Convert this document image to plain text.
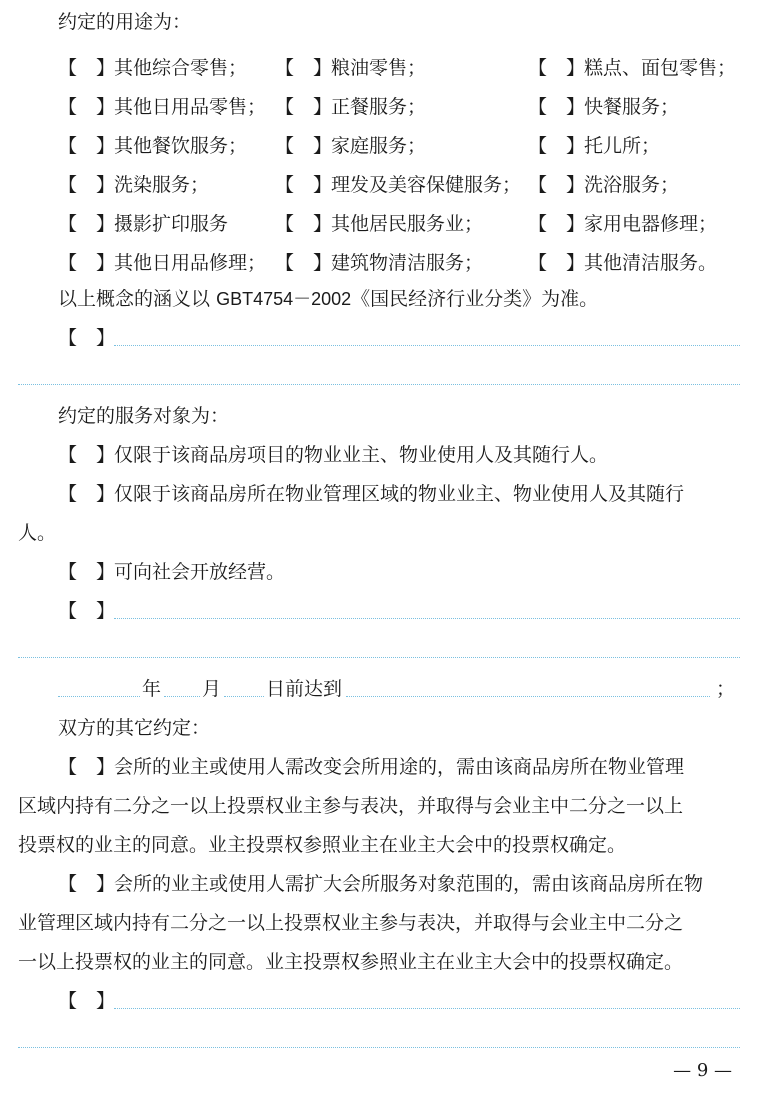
约定的用途为：
【　】其他综合零售； 【　】粮油零售；	【　】糕点、面包零售；
【　】其他日用品零售； 【　】正餐服务；	【　】快餐服务；
【　】其他餐饮服务； 【　】家庭服务；	【　】托儿所；
【　】洗染服务；	【　】理发及美容保健服务； 【　】洗浴服务；
【　】摄影扩印服务 【　】其他居民服务业； 【　】家用电器修理；
【　】其他日用品修理； 【　】建筑物清洁服务； 【　】其他清洁服务。
以上概念的涵义以 GBT4754－2002《国民经济行业分类》为准。
【　】
约定的服务对象为：
【　】仅限于该商品房项目的物业业主、物业使用人及其随行人。
【　】仅限于该商品房所在物业管理区域的物业业主、物业使用人及其随行
人。
【　】可向社会开放经营。
【　】
年 月 日前达到	；
双方的其它约定：
【　】会所的业主或使用人需改变会所用途的，需由该商品房所在物业管理
区域内持有二分之一以上投票权业主参与表决，并取得与会业主中二分之一以上
投票权的业主的同意。业主投票权参照业主在业主大会中的投票权确定。
【　】会所的业主或使用人需扩大会所服务对象范围的，需由该商品房所在物
业管理区域内持有二分之一以上投票权业主参与表决，并取得与会业主中二分之
一以上投票权的业主的同意。业主投票权参照业主在业主大会中的投票权确定。
【　】
— 9 —
